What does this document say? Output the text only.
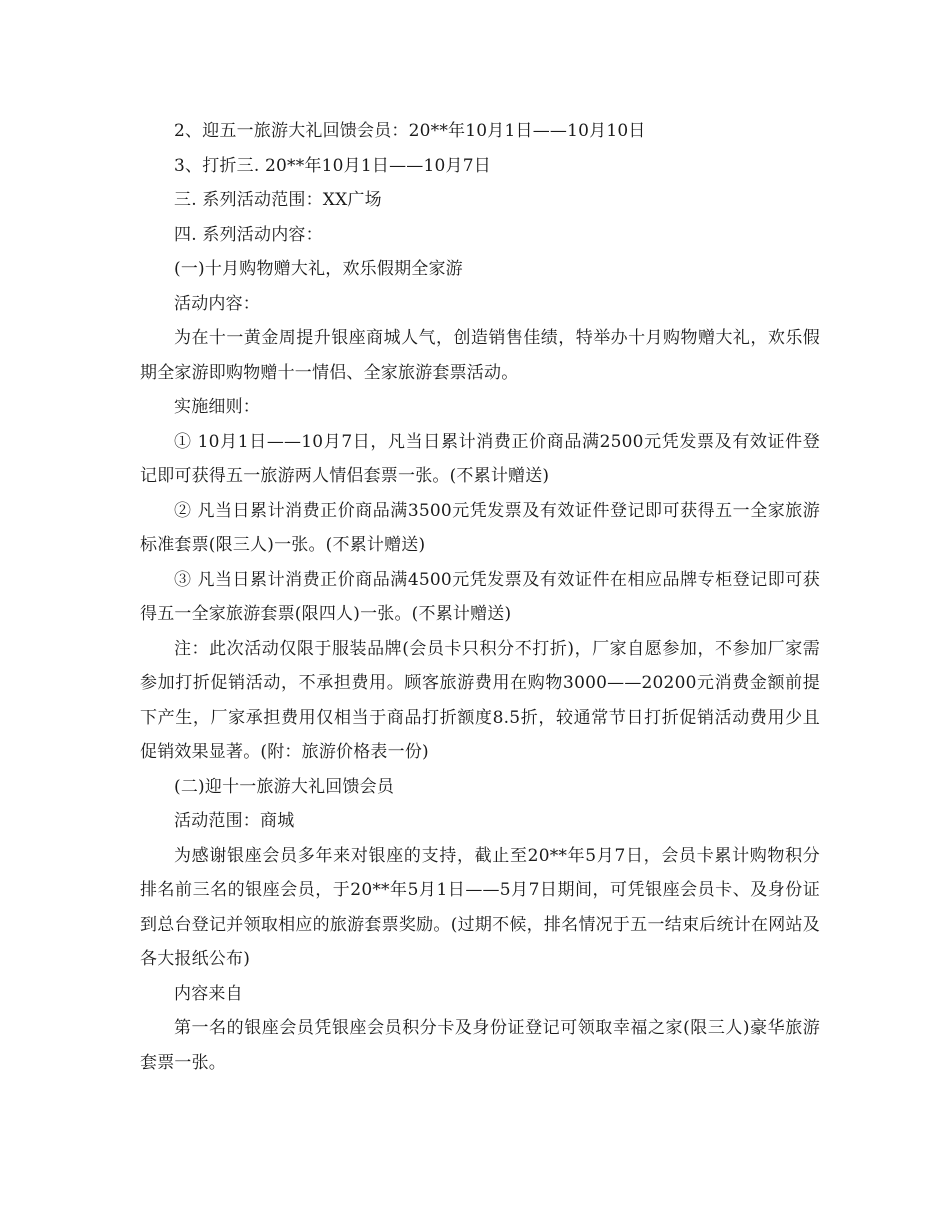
2、迎五一旅游大礼回馈会员：20**年10月1日——10月10日

3、打折三. 20**年10月1日——10月7日

三. 系列活动范围：XX广场

四. 系列活动内容：

(一)十月购物赠大礼，欢乐假期全家游

活动内容：

为在十一黄金周提升银座商城人气，创造销售佳绩，特举办十月购物赠大礼，欢乐假期全家游即购物赠十一情侣、全家旅游套票活动。

实施细则：

① 10月1日——10月7日，凡当日累计消费正价商品满2500元凭发票及有效证件登记即可获得五一旅游两人情侣套票一张。(不累计赠送)

② 凡当日累计消费正价商品满3500元凭发票及有效证件登记即可获得五一全家旅游标准套票(限三人)一张。(不累计赠送)

③ 凡当日累计消费正价商品满4500元凭发票及有效证件在相应品牌专柜登记即可获得五一全家旅游套票(限四人)一张。(不累计赠送)

注：此次活动仅限于服装品牌(会员卡只积分不打折)，厂家自愿参加，不参加厂家需参加打折促销活动，不承担费用。顾客旅游费用在购物3000——20200元消费金额前提下产生，厂家承担费用仅相当于商品打折额度8.5折，较通常节日打折促销活动费用少且促销效果显著。(附：旅游价格表一份)

(二)迎十一旅游大礼回馈会员

活动范围：商城

为感谢银座会员多年来对银座的支持，截止至20**年5月7日，会员卡累计购物积分排名前三名的银座会员，于20**年5月1日——5月7日期间，可凭银座会员卡、及身份证到总台登记并领取相应的旅游套票奖励。(过期不候，排名情况于五一结束后统计在网站及各大报纸公布)

内容来自

第一名的银座会员凭银座会员积分卡及身份证登记可领取幸福之家(限三人)豪华旅游套票一张。
